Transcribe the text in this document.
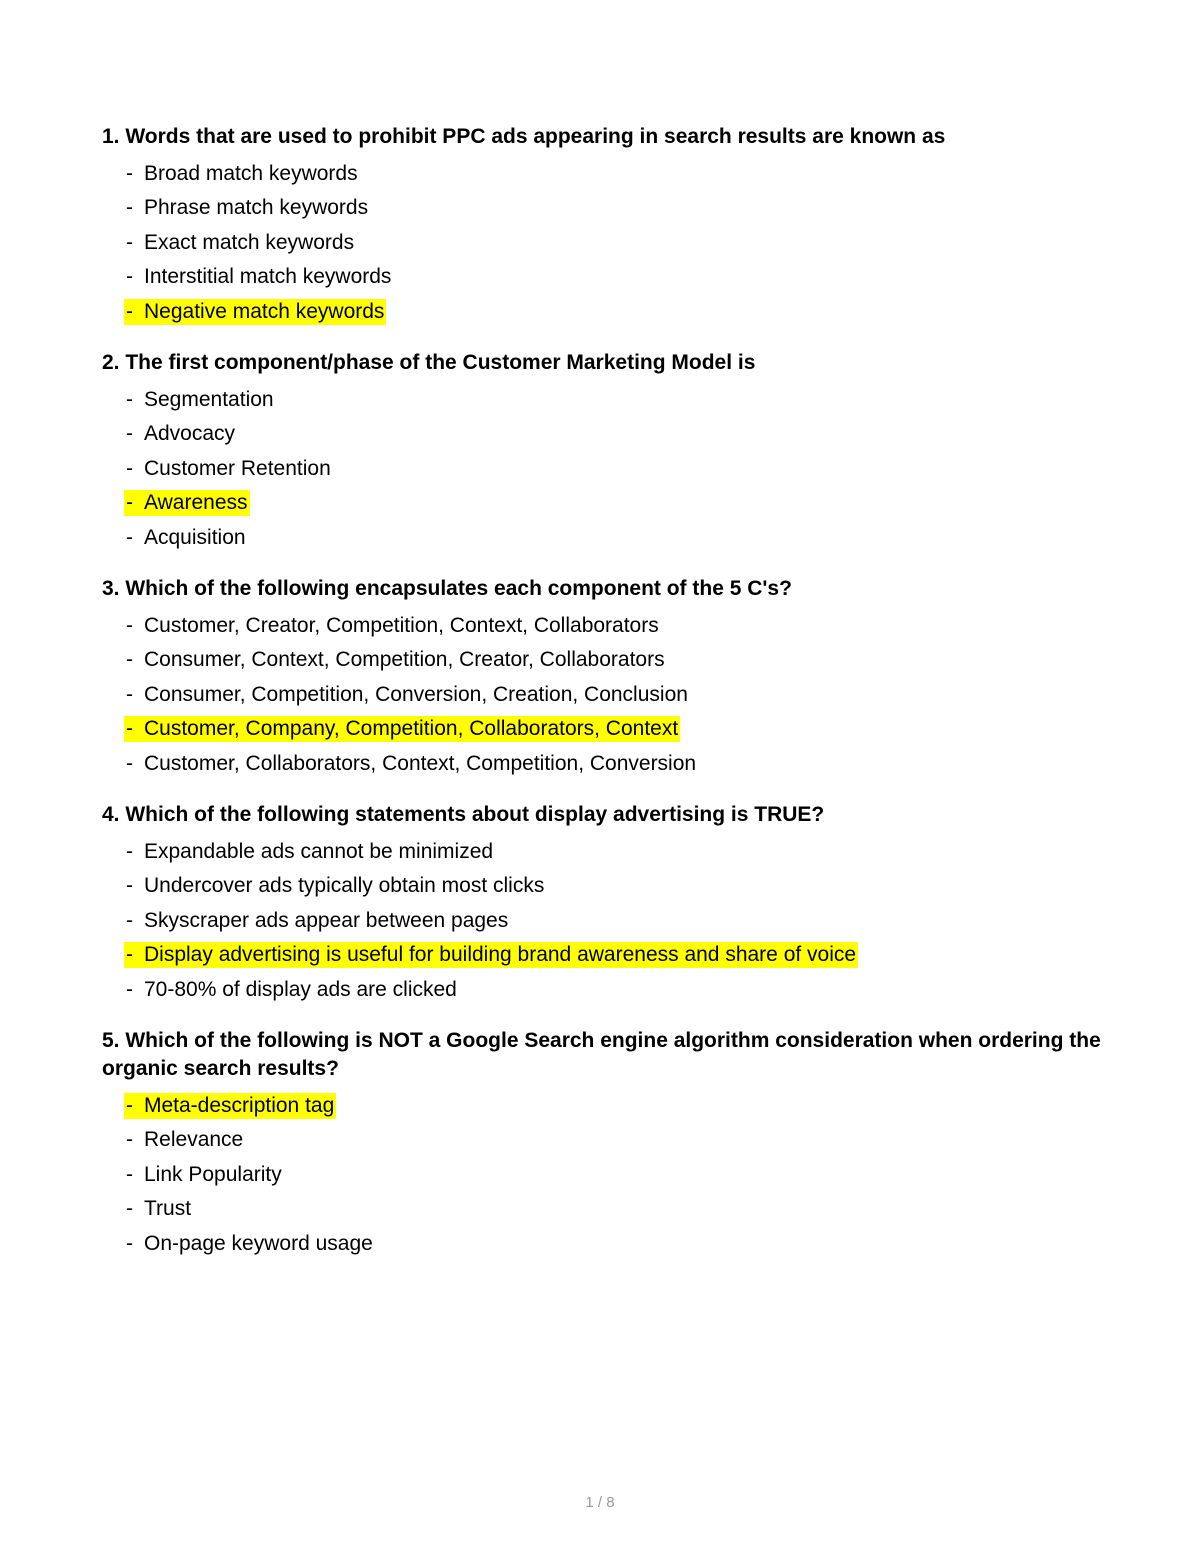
1. Words that are used to prohibit PPC ads appearing in search results are known as

- Broad match keywords
- Phrase match keywords
- Exact match keywords
- Interstitial match keywords
- Negative match keywords

2. The first component/phase of the Customer Marketing Model is

- Segmentation
- Advocacy
- Customer Retention
- Awareness
- Acquisition

3. Which of the following encapsulates each component of the 5 C's?

- Customer, Creator, Competition, Context, Collaborators
- Consumer, Context, Competition, Creator, Collaborators
- Consumer, Competition, Conversion, Creation, Conclusion
- Customer, Company, Competition, Collaborators, Context
- Customer, Collaborators, Context, Competition, Conversion

4. Which of the following statements about display advertising is TRUE?

- Expandable ads cannot be minimized
- Undercover ads typically obtain most clicks
- Skyscraper ads appear between pages
- Display advertising is useful for building brand awareness and share of voice
- 70-80% of display ads are clicked

5. Which of the following is NOT a Google Search engine algorithm consideration when ordering the organic search results?

- Meta-description tag
- Relevance
- Link Popularity
- Trust
- On-page keyword usage
1 / 8
